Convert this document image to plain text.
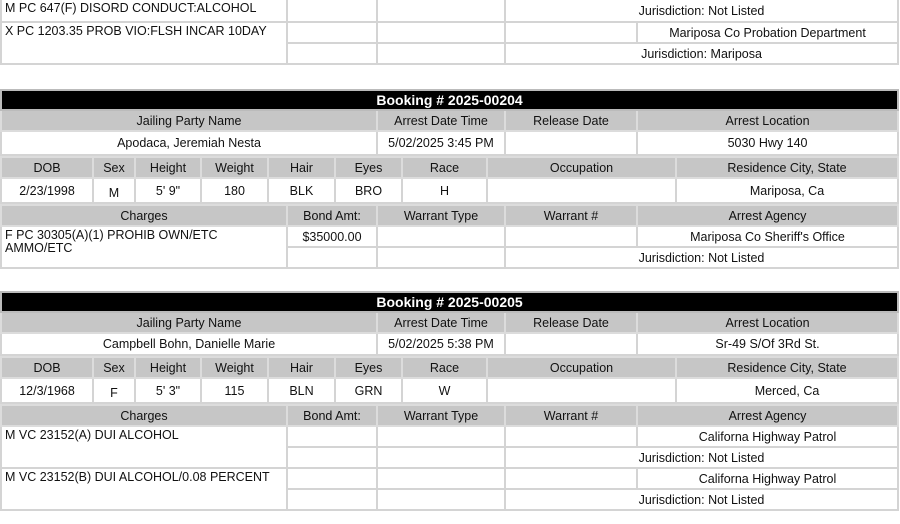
M PC 647(F) DISORD CONDUCT:ALCOHOL			Jurisdiction: Not Listed	
X PC 1203.35 PROB VIO:FLSH INCAR 10DAY				Mariposa Co Probation Department
			Jurisdiction: Mariposa	
Booking # 2025-00204			
Jailing Party Name	Arrest Date Time	Release Date	Arrest Location
Apodaca, Jeremiah Nesta	5/02/2025 3:45 PM		5030 Hwy 140
DOB	Sex	Height	Weight	Hair	Eyes	Race	Occupation	Residence City, State
2/23/1998	M	5' 9"	180	BLK	BRO	H		Mariposa, Ca
Charges	Bond Amt:	Warrant Type	Warrant #	Arrest Agency
F PC 30305(A)(1) PROHIB OWN/ETC AMMO/ETC	$35000.00			Mariposa Co Sheriff's Office
			Jurisdiction: Not Listed	
Booking # 2025-00205			
Jailing Party Name	Arrest Date Time	Release Date	Arrest Location
Campbell Bohn, Danielle Marie	5/02/2025 5:38 PM		Sr-49 S/Of 3Rd St.
DOB	Sex	Height	Weight	Hair	Eyes	Race	Occupation	Residence City, State
12/3/1968	F	5' 3"	115	BLN	GRN	W		Merced, Ca
Charges	Bond Amt:	Warrant Type	Warrant #	Arrest Agency
M VC 23152(A) DUI ALCOHOL				Californa Highway Patrol
			Jurisdiction: Not Listed	
M VC 23152(B) DUI ALCOHOL/0.08 PERCENT				Californa Highway Patrol
			Jurisdiction: Not Listed	
